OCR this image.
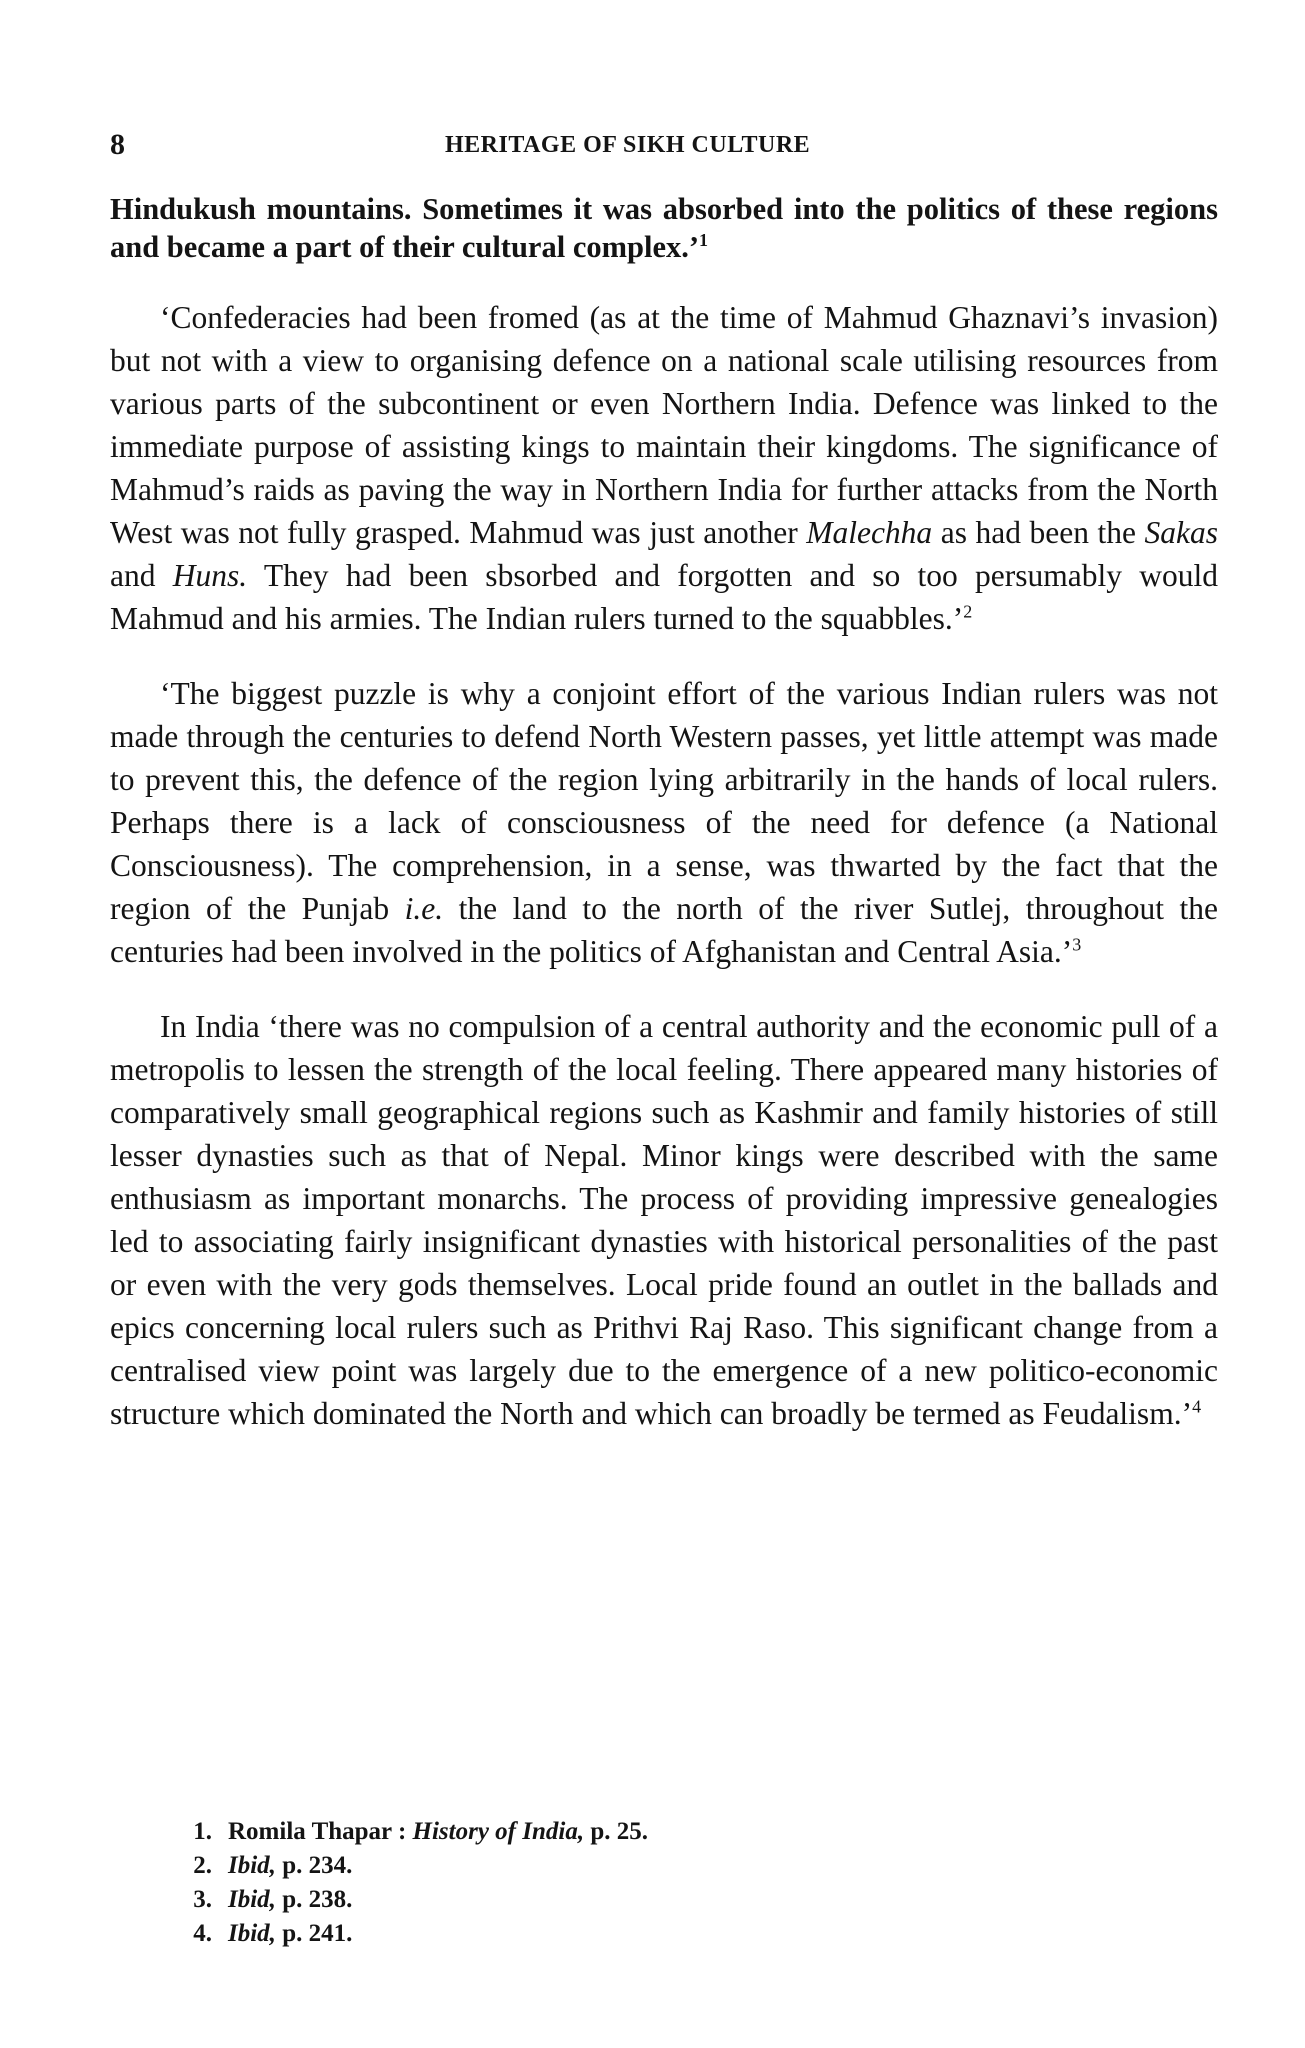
8	HERITAGE OF SIKH CULTURE

Hindukush mountains. Sometimes it was absorbed into the politics of these regions and became a part of their cultural complex.’$^1$

‘Confederacies had been fromed (as at the time of Mahmud Ghaznavi’s invasion) but not with a view to organising defence on a national scale utilising resources from various parts of the subcontinent or even Northern India. Defence was linked to the immediate purpose of assisting kings to maintain their kingdoms. The significance of Mahmud’s raids as paving the way in Northern India for further attacks from the North West was not fully grasped. Mahmud was just another Malechha as had been the Sakas and Huns. They had been sbsorbed and forgotten and so too persumably would Mahmud and his armies. The Indian rulers turned to the squabbles.’$^2$

‘The biggest puzzle is why a conjoint effort of the various Indian rulers was not made through the centuries to defend North Western passes, yet little attempt was made to prevent this, the defence of the region lying arbitrarily in the hands of local rulers. Perhaps there is a lack of consciousness of the need for defence (a National Consciousness). The comprehension, in a sense, was thwarted by the fact that the region of the Punjab i.e. the land to the north of the river Sutlej, throughout the centuries had been involved in the politics of Afghanistan and Central Asia.’$^3$

In India ‘there was no compulsion of a central authority and the economic pull of a metropolis to lessen the strength of the local feeling. There appeared many histories of comparatively small geographical regions such as Kashmir and family histories of still lesser dynasties such as that of Nepal. Minor kings were described with the same enthusiasm as important monarchs. The process of providing impressive genealogies led to associating fairly insignificant dynasties with historical personalities of the past or even with the very gods themselves. Local pride found an outlet in the ballads and epics concerning local rulers such as Prithvi Raj Raso. This significant change from a centralised view point was largely due to the emergence of a new politico-economic structure which dominated the North and which can broadly be termed as Feudalism.’$^4$

1. Romila Thapar : History of India, p. 25.
2. Ibid, p. 234.
3. Ibid, p. 238.
4. Ibid, p. 241.
